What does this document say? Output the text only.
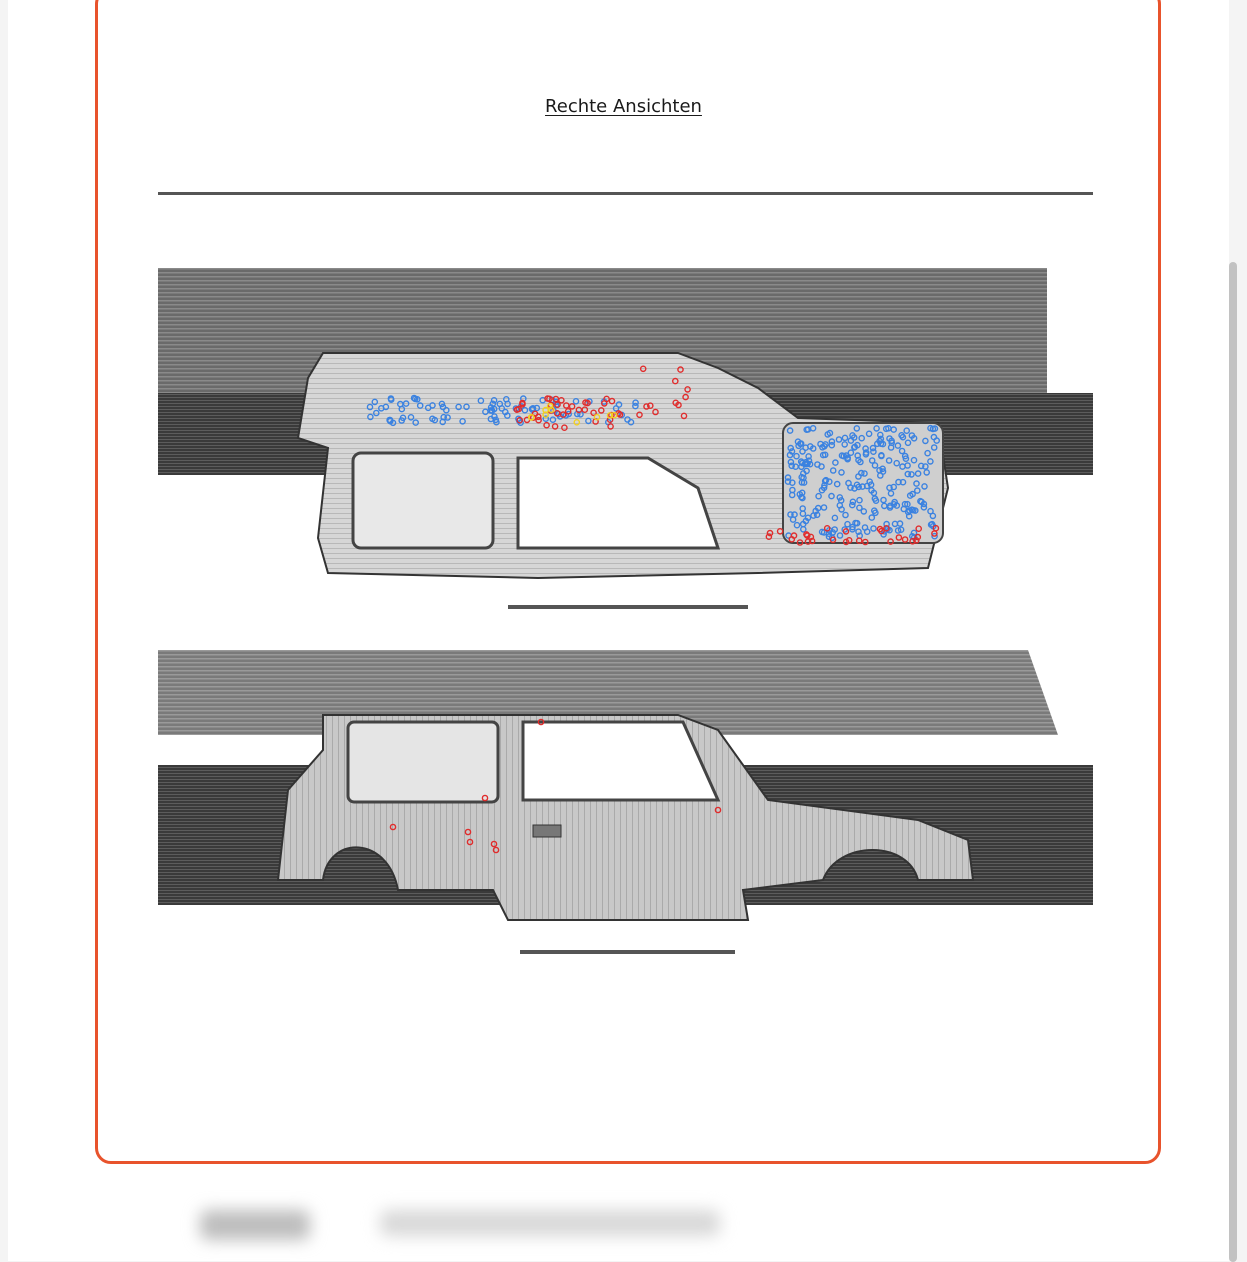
Rechte Ansichten
